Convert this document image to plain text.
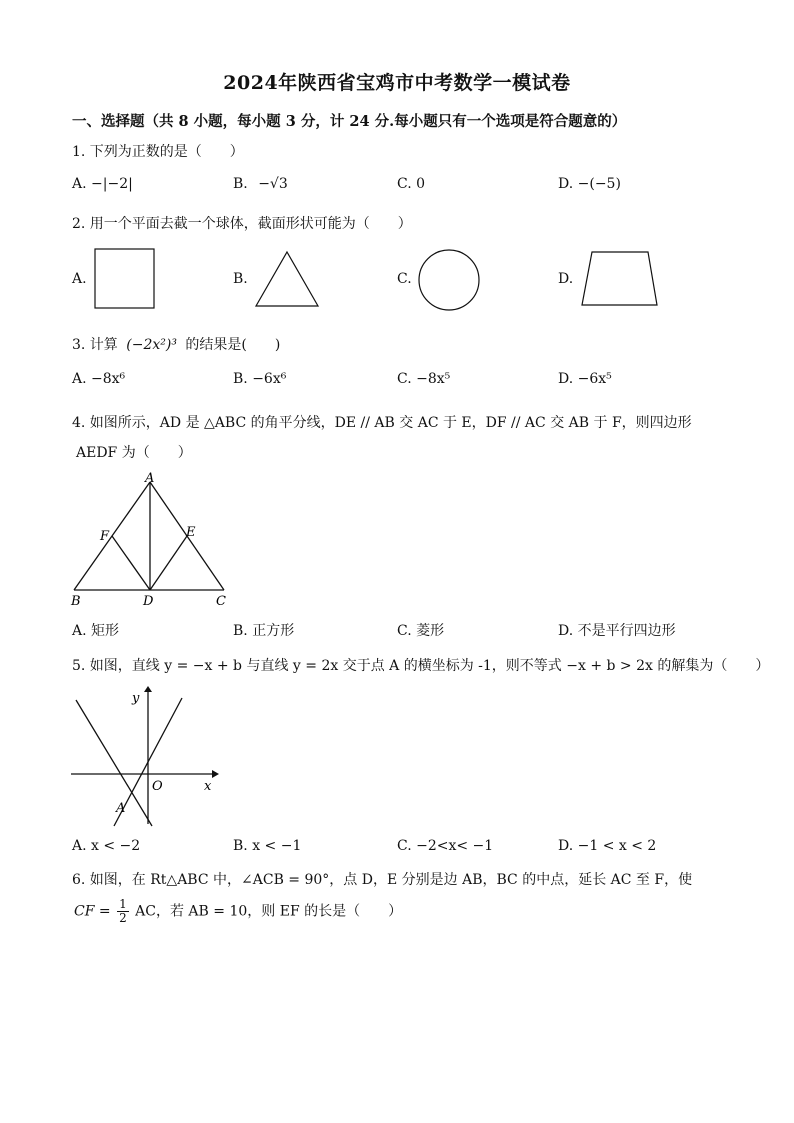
2024年陕西省宝鸡市中考数学一模试卷
一、选择题（共 8 小题，每小题 3 分，计 24 分.每小题只有一个选项是符合题意的）
1. 下列为正数的是（　　）
A. −|−2|	B. −√3	C. 0	D. −(−5)
2. 用一个平面去截一个球体，截面形状可能为（　　）
A.	B.	C.	D.
3. 计算 (−2x²)³ 的结果是(　　)
A. −8x⁶	B. −6x⁶	C. −8x⁵	D. −6x⁵
4. 如图所示，AD 是 △ABC 的角平分线，DE // AB 交 AC 于 E，DF // AC 交 AB 于 F，则四边形
AEDF 为（　　）
A
F	E
B	D	C
A. 矩形	B. 正方形	C. 菱形	D. 不是平行四边形
5. 如图，直线 y = −x + b 与直线 y = 2x 交于点 A 的横坐标为 -1，则不等式 −x + b > 2x 的解集为（　　）
y
O	x
A
A. x < −2	B. x < −1	C. −2<x< −1	D. −1 < x < 2
6. 如图，在 Rt△ABC 中，∠ACB = 90°，点 D，E 分别是边 AB，BC 的中点，延长 AC 至 F，使
CF = $\frac{1}{2}$ AC，若 AB = 10，则 EF 的长是（　　）
